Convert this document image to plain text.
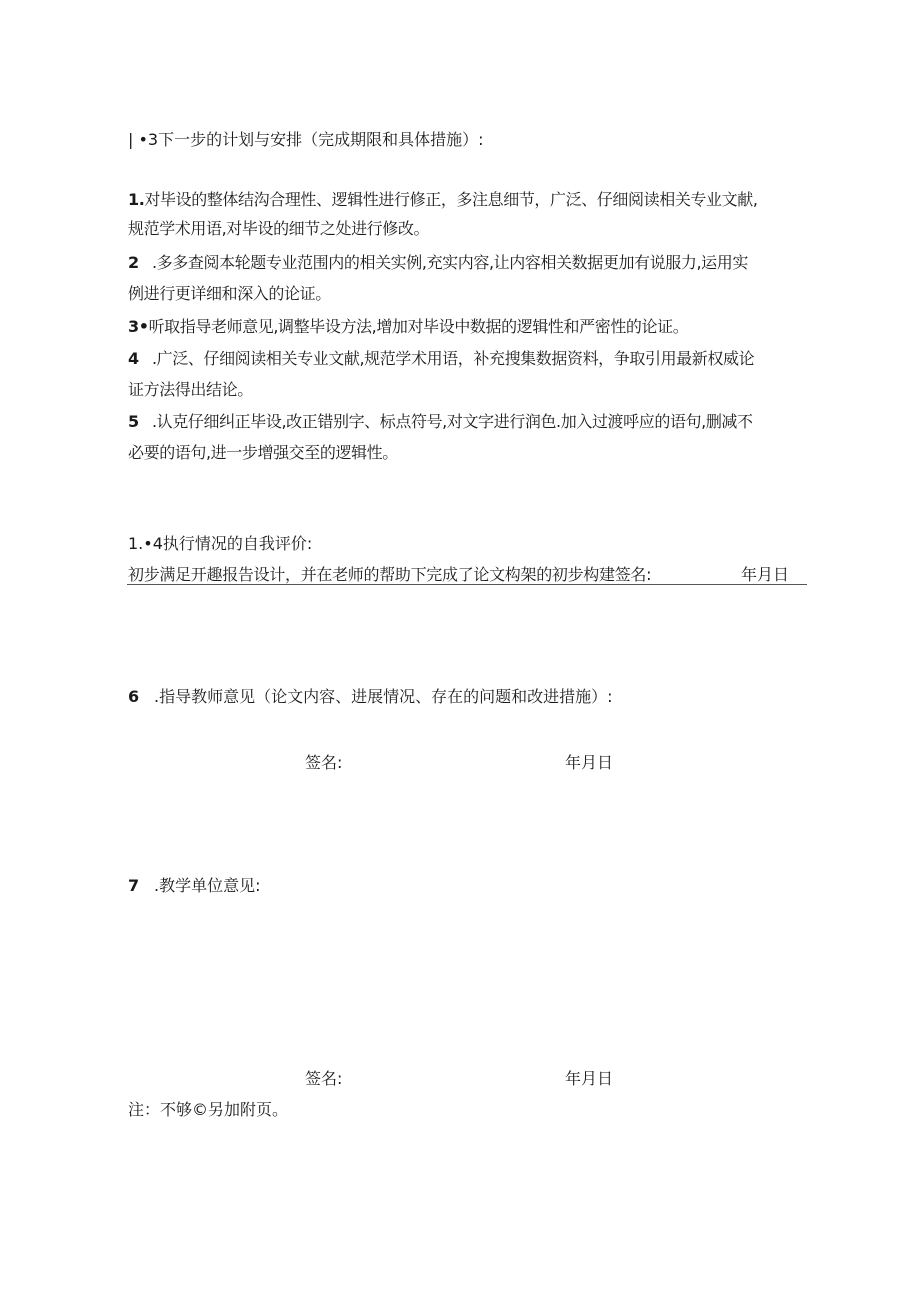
| •3下一步的计划与安排（完成期限和具体措施）:
1.对毕设的整体结沟合理性、逻辑性进行修正，多注息细节，广泛、仔细阅读相关专业文献,
规范学术用语,对毕设的细节之处进行修改。
2 .多多查阅本轮题专业范围内的相关实例,充实内容,让内容相关数据更加有说服力,运用实
例进行更详细和深入的论证。
3•听取指导老师意见,调整毕设方法,增加对毕设中数据的逻辑性和严密性的论证。
4 .广泛、仔细阅读相关专业文献,规范学术用语，补充搜集数据资料，争取引用最新权威论
证方法得出结论。
5 .认克仔细纠正毕设,改正错别字、标点符号,对文字进行润色.加入过渡呼应的语句,删减不
必要的语句,进一步增强交至的逻辑性。
1.•4执行情况的自我评价:
初步满足开趣报告设计，并在老师的帮助下完成了论文构架的初步构建签名:	年月日
6 .指导教师意见（论文内容、进展情况、存在的问题和改进措施）:
签名:	年月日
7 .教学单位意见:
签名:	年月日
注：不够©另加附页。
